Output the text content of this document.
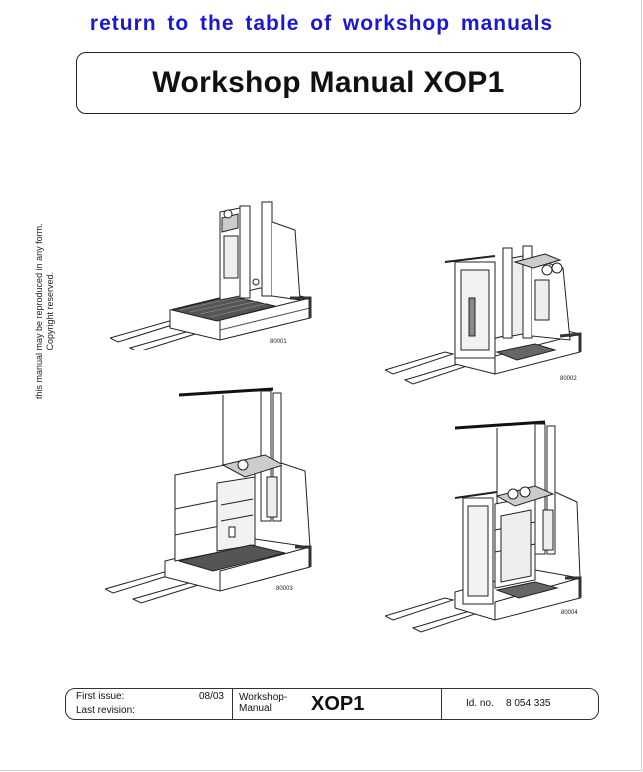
return to the table of workshop manuals
Workshop Manual XOP1
this manual may be reproduced in any form. Copyright reserved.	80001
80002
80003
80004
First issue:	08/03
Last revision:
Workshop-
Manual	XOP1	Id. no. 8 054 335
